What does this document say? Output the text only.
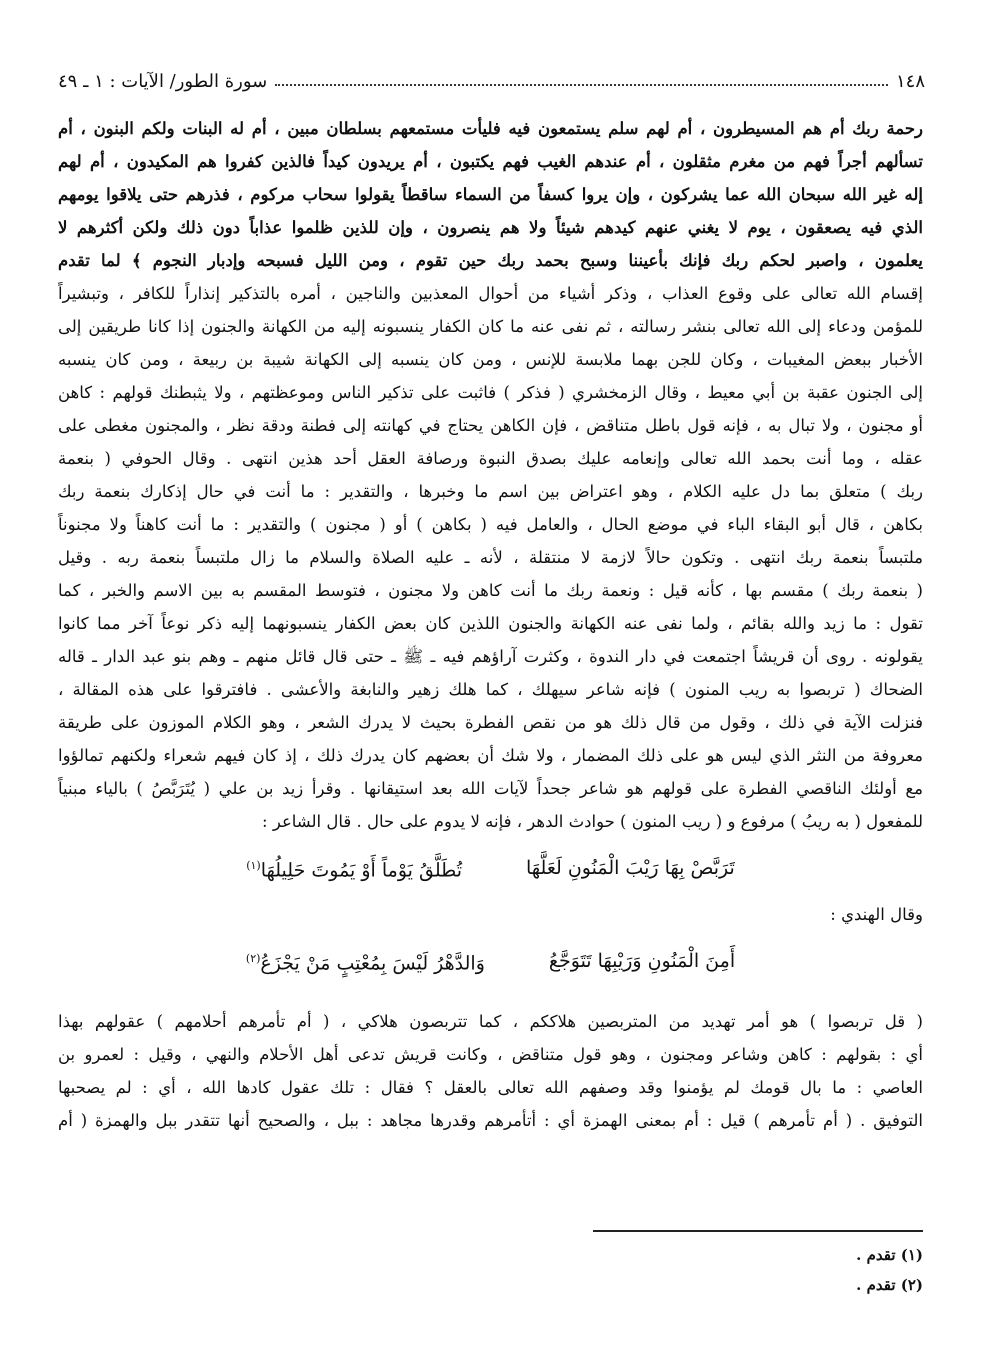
١٤٨
سورة الطور/ الآيات : ١ ـ ٤٩
رحمة ربك أم هم المسيطرون ، أم لهم سلم يستمعون فيه فليأت مستمعهم بسلطان مبين ، أم له البنات ولكم البنون ، أم
تسألهم أجراً فهم من مغرم مثقلون ، أم عندهم الغيب فهم يكتبون ، أم يريدون كيداً فالذين كفروا هم المكيدون ، أم لهم
إله غير الله سبحان الله عما يشركون ، وإن يروا كسفاً من السماء ساقطاً يقولوا سحاب مركوم ، فذرهم حتى يلاقوا يومهم
الذي فيه يصعقون ، يوم لا يغني عنهم كيدهم شيئاً ولا هم ينصرون ، وإن للذين ظلموا عذاباً دون ذلك ولكن أكثرهم لا
يعلمون ، واصبر لحكم ربك فإنك بأعيننا وسبح بحمد ربك حين تقوم ، ومن الليل فسبحه وإدبار النجوم ﴾ لما تقدم
إقسام الله تعالى على وقوع العذاب ، وذكر أشياء من أحوال المعذبين والناجين ، أمره بالتذكير إنذاراً للكافر ، وتبشيراً
للمؤمن ودعاء إلى الله تعالى بنشر رسالته ، ثم نفى عنه ما كان الكفار ينسبونه إليه من الكهانة والجنون إذا كانا طريقين إلى
الأخبار ببعض المغيبات ، وكان للجن بهما ملابسة للإنس ، ومن كان ينسبه إلى الكهانة شيبة بن ربيعة ، ومن كان ينسبه
إلى الجنون عقبة بن أبي معيط ، وقال الزمخشري ( فذكر ) فاثبت على تذكير الناس وموعظتهم ، ولا يثبطنك قولهم : كاهن
أو مجنون ، ولا تبال به ، فإنه قول باطل متناقض ، فإن الكاهن يحتاج في كهانته إلى فطنة ودقة نظر ، والمجنون مغطى على
عقله ، وما أنت بحمد الله تعالى وإنعامه عليك بصدق النبوة ورصافة العقل أحد هذين انتهى . وقال الحوفي ( بنعمة
ربك ) متعلق بما دل عليه الكلام ، وهو اعتراض بين اسم ما وخبرها ، والتقدير : ما أنت في حال إذكارك بنعمة ربك
بكاهن ، قال أبو البقاء الباء في موضع الحال ، والعامل فيه ( بكاهن ) أو ( مجنون ) والتقدير : ما أنت كاهناً ولا مجنوناً
ملتبساً بنعمة ربك انتهى . وتكون حالاً لازمة لا منتقلة ، لأنه ـ عليه الصلاة والسلام ما زال ملتبساً بنعمة ربه . وقيل
( بنعمة ربك ) مقسم بها ، كأنه قيل : ونعمة ربك ما أنت كاهن ولا مجنون ، فتوسط المقسم به بين الاسم والخبر ، كما
تقول : ما زيد والله بقائم ، ولما نفى عنه الكهانة والجنون اللذين كان بعض الكفار ينسبونهما إليه ذكر نوعاً آخر مما كانوا
يقولونه . روى أن قريشاً اجتمعت في دار الندوة ، وكثرت آراؤهم فيه ـ ﷺ ـ حتى قال قائل منهم ـ وهم بنو عبد الدار ـ قاله
الضحاك ( تربصوا به ريب المنون ) فإنه شاعر سيهلك ، كما هلك زهير والنابغة والأعشى . فافترقوا على هذه المقالة ،
فنزلت الآية في ذلك ، وقول من قال ذلك هو من نقص الفطرة بحيث لا يدرك الشعر ، وهو الكلام الموزون على طريقة
معروفة من النثر الذي ليس هو على ذلك المضمار ، ولا شك أن بعضهم كان يدرك ذلك ، إذ كان فيهم شعراء ولكنهم تمالؤوا
مع أولئك الناقصي الفطرة على قولهم هو شاعر جحداً لآيات الله بعد استيقانها . وقرأ زيد بن علي ( يُتَرَبَّصُ ) بالياء مبنياً
للمفعول ( به ريبُ ) مرفوع و ( ريب المنون ) حوادث الدهر ، فإنه لا يدوم على حال . قال الشاعر :
تَرَبَّصْ بِهَا رَيْبَ الْمَنُونِ لَعَلَّهَا
تُطَلَّقُ يَوْماً أَوْ يَمُوتَ حَلِيلُهَا$^{(١)}$
وقال الهندي :
أَمِنَ الْمَنُونِ وَرَيْبِهَا تَتَوَجَّعُ
وَالدَّهْرُ لَيْسَ بِمُعْتِبٍ مَنْ يَجْزَعُ$^{(٢)}$
( قل تربصوا ) هو أمر تهديد من المتربصين هلاككم ، كما تتربصون هلاكي ، ( أم تأمرهم أحلامهم ) عقولهم بهذا
أي : بقولهم : كاهن وشاعر ومجنون ، وهو قول متناقض ، وكانت قريش تدعى أهل الأحلام والنهي ، وقيل : لعمرو بن
العاصي : ما بال قومك لم يؤمنوا وقد وصفهم الله تعالى بالعقل ؟ فقال : تلك عقول كادها الله ، أي : لم يصحبها
التوفيق . ( أم تأمرهم ) قيل : أم بمعنى الهمزة أي : أتأمرهم وقدرها مجاهد : ببل ، والصحيح أنها تتقدر ببل والهمزة ( أم
(١) تقدم .
(٢) تقدم .
